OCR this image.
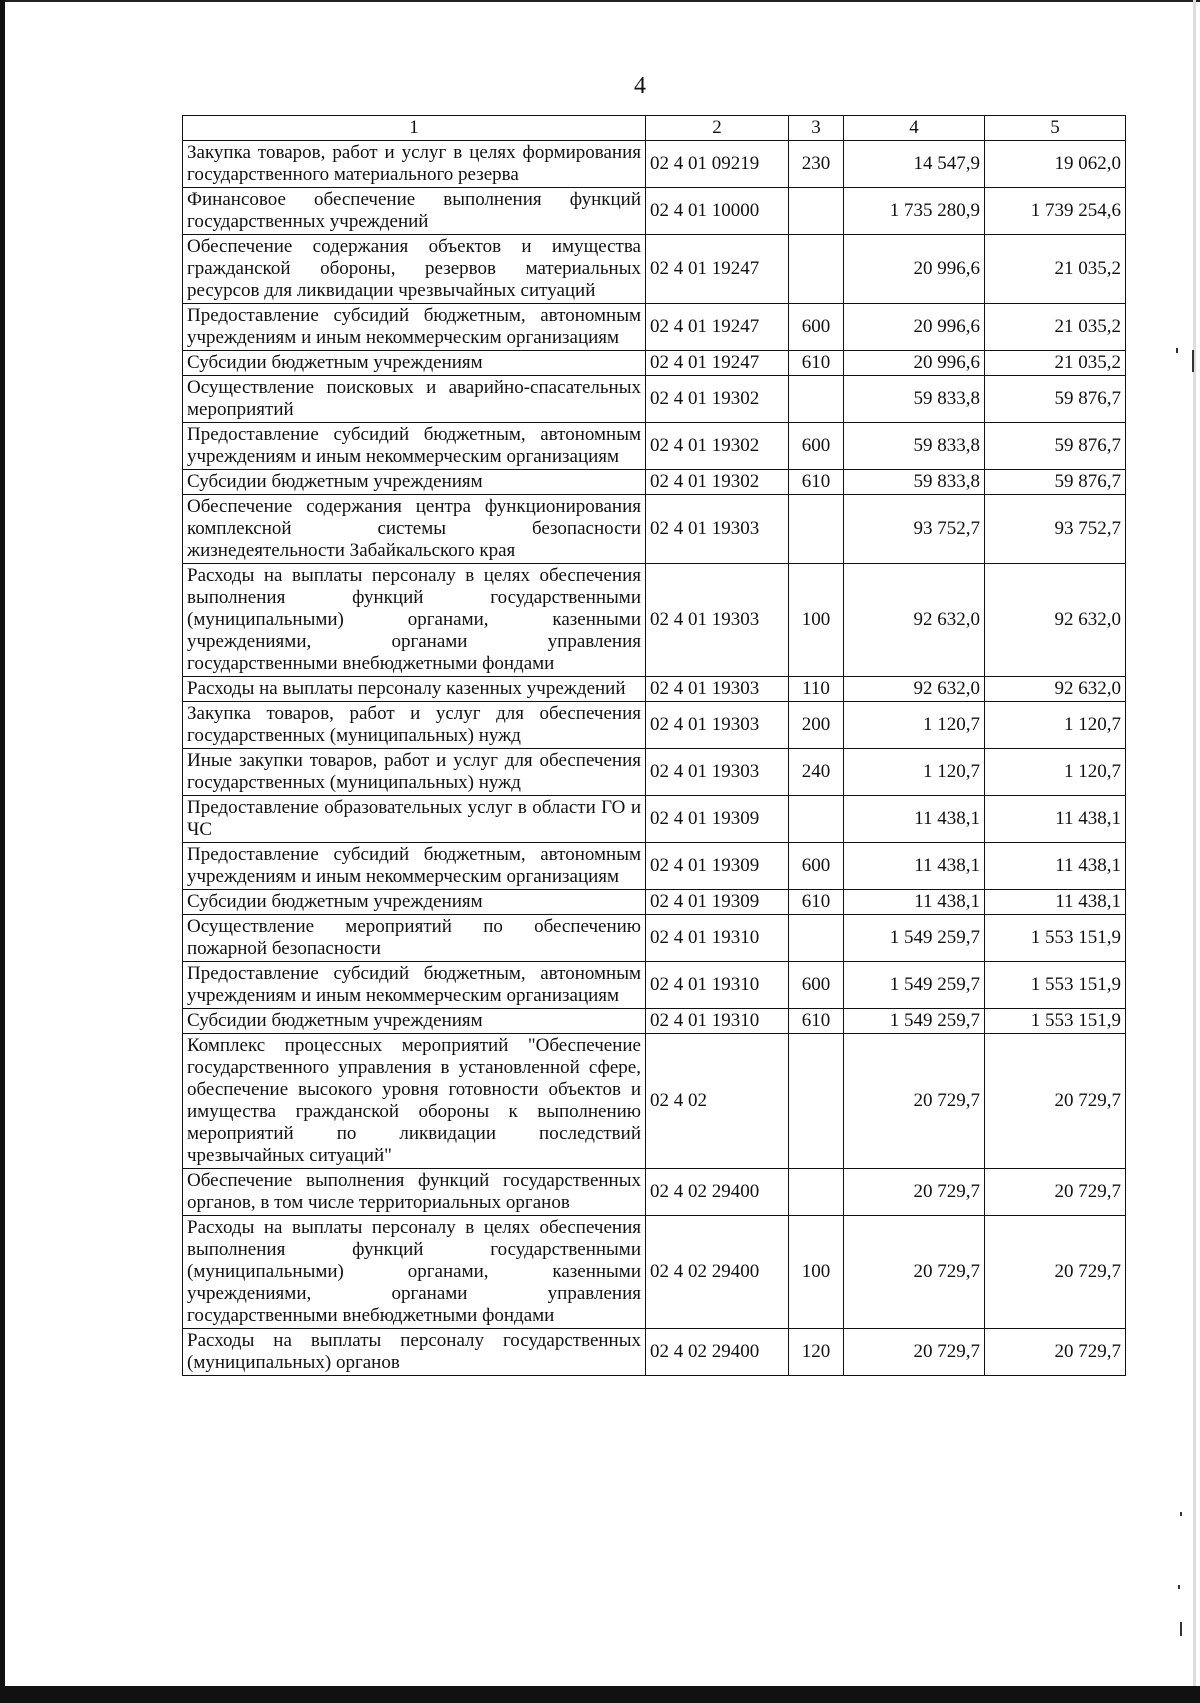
4
1	2	3	4	5
Закупка товаров, работ и услуг в целях формирования государственного материального резерва	02 4 01 09219	230	14 547,9	19 062,0
Финансовое обеспечение выполнения функций государственных учреждений	02 4 01 10000		1 735 280,9	1 739 254,6
Обеспечение содержания объектов и имущества гражданской обороны, резервов материальных ресурсов для ликвидации чрезвычайных ситуаций	02 4 01 19247		20 996,6	21 035,2
Предоставление субсидий бюджетным, автономным учреждениям и иным некоммерческим организациям	02 4 01 19247	600	20 996,6	21 035,2
Субсидии бюджетным учреждениям	02 4 01 19247	610	20 996,6	21 035,2
Осуществление поисковых и аварийно-спасательных мероприятий	02 4 01 19302		59 833,8	59 876,7
Предоставление субсидий бюджетным, автономным учреждениям и иным некоммерческим организациям	02 4 01 19302	600	59 833,8	59 876,7
Субсидии бюджетным учреждениям	02 4 01 19302	610	59 833,8	59 876,7
Обеспечение содержания центра функционирования комплексной системы безопасности жизнедеятельности Забайкальского края	02 4 01 19303		93 752,7	93 752,7
Расходы на выплаты персоналу в целях обеспечения выполнения функций государственными (муниципальными) органами, казенными учреждениями, органами управления государственными внебюджетными фондами	02 4 01 19303	100	92 632,0	92 632,0
Расходы на выплаты персоналу казенных учреждений	02 4 01 19303	110	92 632,0	92 632,0
Закупка товаров, работ и услуг для обеспечения государственных (муниципальных) нужд	02 4 01 19303	200	1 120,7	1 120,7
Иные закупки товаров, работ и услуг для обеспечения государственных (муниципальных) нужд	02 4 01 19303	240	1 120,7	1 120,7
Предоставление образовательных услуг в области ГО и ЧС	02 4 01 19309		11 438,1	11 438,1
Предоставление субсидий бюджетным, автономным учреждениям и иным некоммерческим организациям	02 4 01 19309	600	11 438,1	11 438,1
Субсидии бюджетным учреждениям	02 4 01 19309	610	11 438,1	11 438,1
Осуществление мероприятий по обеспечению пожарной безопасности	02 4 01 19310		1 549 259,7	1 553 151,9
Предоставление субсидий бюджетным, автономным учреждениям и иным некоммерческим организациям	02 4 01 19310	600	1 549 259,7	1 553 151,9
Субсидии бюджетным учреждениям	02 4 01 19310	610	1 549 259,7	1 553 151,9
Комплекс процессных мероприятий "Обеспечение государственного управления в установленной сфере, обеспечение высокого уровня готовности объектов и имущества гражданской обороны к выполнению мероприятий по ликвидации последствий чрезвычайных ситуаций"	02 4 02		20 729,7	20 729,7
Обеспечение выполнения функций государственных органов, в том числе территориальных органов	02 4 02 29400		20 729,7	20 729,7
Расходы на выплаты персоналу в целях обеспечения выполнения функций государственными (муниципальными) органами, казенными учреждениями, органами управления государственными внебюджетными фондами	02 4 02 29400	100	20 729,7	20 729,7
Расходы на выплаты персоналу государственных (муниципальных) органов	02 4 02 29400	120	20 729,7	20 729,7
